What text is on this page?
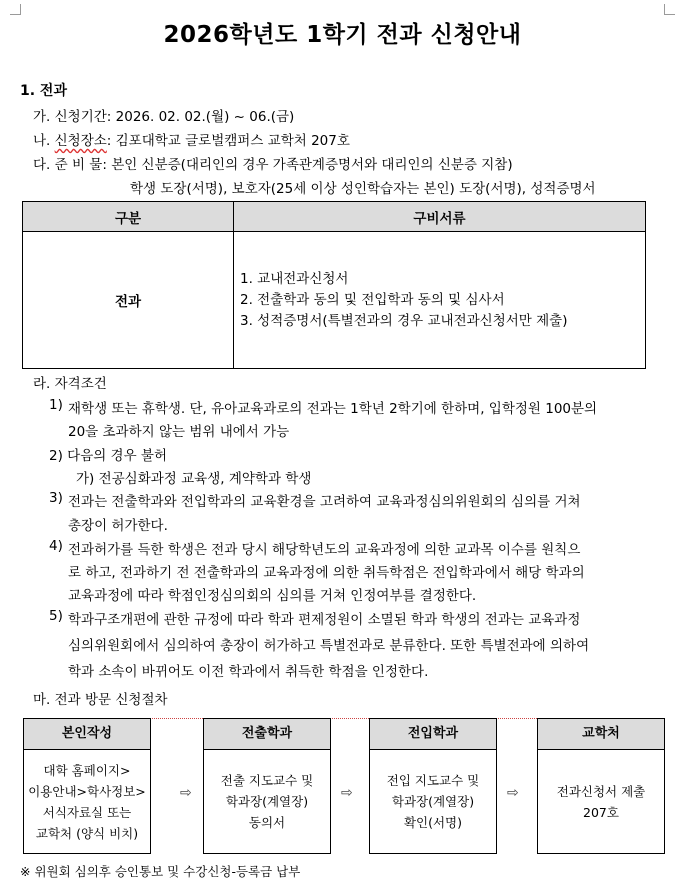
2026학년도 1학기 전과 신청안내
1. 전과
가. 신청기간: 2026. 02. 02.(월) ~ 06.(금)
나. 신청장소: 김포대학교 글로벌캠퍼스 교학처 207호
다. 준 비 물: 본인 신분증(대리인의 경우 가족관계증명서와 대리인의 신분증 지참)
학생 도장(서명), 보호자(25세 이상 성인학습자는 본인) 도장(서명), 성적증명서
구분	구비서류
전과	1. 교내전과신청서
2. 전출학과 동의 및 전입학과 동의 및 심사서
3. 성적증명서(특별전과의 경우 교내전과신청서만 제출)
라. 자격조건
1) 재학생 또는 휴학생. 단, 유아교육과로의 전과는 1학년 2학기에 한하며, 입학정원 100분의
20을 초과하지 않는 범위 내에서 가능
2) 다음의 경우 불허
가) 전공심화과정 교육생, 계약학과 학생
3) 전과는 전출학과와 전입학과의 교육환경을 고려하여 교육과정심의위원회의 심의를 거쳐
총장이 허가한다.
4) 전과허가를 득한 학생은 전과 당시 해당학년도의 교육과정에 의한 교과목 이수를 원칙으
로 하고, 전과하기 전 전출학과의 교육과정에 의한 취득학점은 전입학과에서 해당 학과의
교육과정에 따라 학점인정심의회의 심의를 거쳐 인정여부를 결정한다.
5) 학과구조개편에 관한 규정에 따라 학과 편제정원이 소멸된 학과 학생의 전과는 교육과정
심의위원회에서 심의하여 총장이 허가하고 특별전과로 분류한다. 또한 특별전과에 의하여
학과 소속이 바뀌어도 이전 학과에서 취득한 학점을 인정한다.
마. 전과 방문 신청절차
본인작성
대학 홈페이지>
이용안내>학사정보>
서식자료실 또는
교학처 (양식 비치)
⇨
전출학과
전출 지도교수 및
학과장(계열장)
동의서
⇨
전입학과
전입 지도교수 및
학과장(계열장)
확인(서명)
⇨
교학처
전과신청서 제출
207호
※ 위원회 심의후 승인통보 및 수강신청-등록금 납부
